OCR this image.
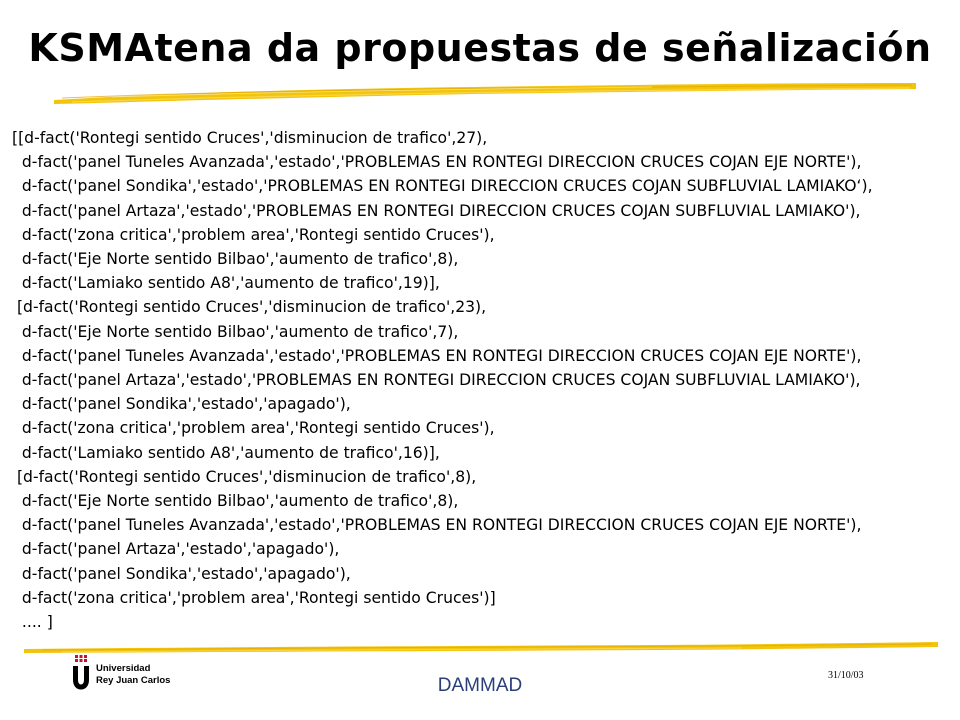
KSMAtena da propuestas de señalización
[[d-fact('Rontegi sentido Cruces','disminucion de trafico',27),
d-fact('panel Tuneles Avanzada','estado','PROBLEMAS EN RONTEGI DIRECCION CRUCES COJAN EJE NORTE'),
d-fact('panel Sondika','estado','PROBLEMAS EN RONTEGI DIRECCION CRUCES COJAN SUBFLUVIAL LAMIAKO‘),
d-fact('panel Artaza','estado','PROBLEMAS EN RONTEGI DIRECCION CRUCES COJAN SUBFLUVIAL LAMIAKO'),
d-fact('zona critica','problem area','Rontegi sentido Cruces'),
d-fact('Eje Norte sentido Bilbao','aumento de trafico',8),
d-fact('Lamiako sentido A8','aumento de trafico',19)],
[d-fact('Rontegi sentido Cruces','disminucion de trafico',23),
d-fact('Eje Norte sentido Bilbao','aumento de trafico',7),
d-fact('panel Tuneles Avanzada','estado','PROBLEMAS EN RONTEGI DIRECCION CRUCES COJAN EJE NORTE'),
d-fact('panel Artaza','estado','PROBLEMAS EN RONTEGI DIRECCION CRUCES COJAN SUBFLUVIAL LAMIAKO'),
d-fact('panel Sondika','estado','apagado'),
d-fact('zona critica','problem area','Rontegi sentido Cruces'),
d-fact('Lamiako sentido A8','aumento de trafico',16)],
[d-fact('Rontegi sentido Cruces','disminucion de trafico',8),
d-fact('Eje Norte sentido Bilbao','aumento de trafico',8),
d-fact('panel Tuneles Avanzada','estado','PROBLEMAS EN RONTEGI DIRECCION CRUCES COJAN EJE NORTE'),
d-fact('panel Artaza','estado','apagado'),
d-fact('panel Sondika','estado','apagado'),
d-fact('zona critica','problem area','Rontegi sentido Cruces')]
.... ]
Universidad
Rey Juan Carlos	DAMMAD	31/10/03
